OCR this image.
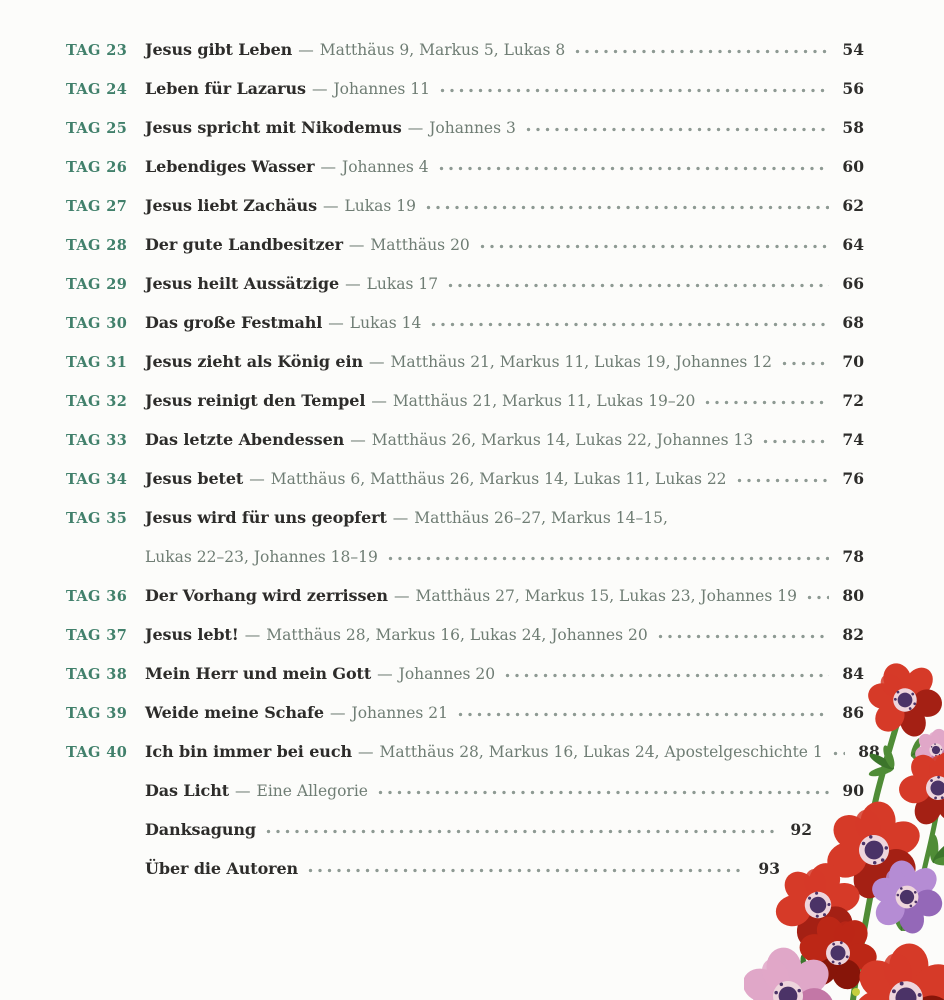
TAG 23	Jesus gibt Leben — Matthäus 9, Markus 5, Lukas 8	54
TAG 24	Leben für Lazarus — Johannes 11	56
TAG 25	Jesus spricht mit Nikodemus — Johannes 3	58
TAG 26	Lebendiges Wasser — Johannes 4	60
TAG 27	Jesus liebt Zachäus — Lukas 19	62
TAG 28	Der gute Landbesitzer — Matthäus 20	64
TAG 29	Jesus heilt Aussätzige — Lukas 17	66
TAG 30	Das große Festmahl — Lukas 14	68
TAG 31	Jesus zieht als König ein — Matthäus 21, Markus 11, Lukas 19, Johannes 12	70
TAG 32	Jesus reinigt den Tempel — Matthäus 21, Markus 11, Lukas 19–20	72
TAG 33	Das letzte Abendessen — Matthäus 26, Markus 14, Lukas 22, Johannes 13	74
TAG 34	Jesus betet — Matthäus 6, Matthäus 26, Markus 14, Lukas 11, Lukas 22	76
TAG 35	Jesus wird für uns geopfert — Matthäus 26–27, Markus 14–15,
Lukas 22–23, Johannes 18–19	78
TAG 36	Der Vorhang wird zerrissen — Matthäus 27, Markus 15, Lukas 23, Johannes 19	80
TAG 37	Jesus lebt! — Matthäus 28, Markus 16, Lukas 24, Johannes 20	82
TAG 38	Mein Herr und mein Gott — Johannes 20	84
TAG 39	Weide meine Schafe — Johannes 21	86
TAG 40	Ich bin immer bei euch — Matthäus 28, Markus 16, Lukas 24, Apostelgeschichte 1 88
Das Licht — Eine Allegorie	90
Danksagung	92
Über die Autoren	93
